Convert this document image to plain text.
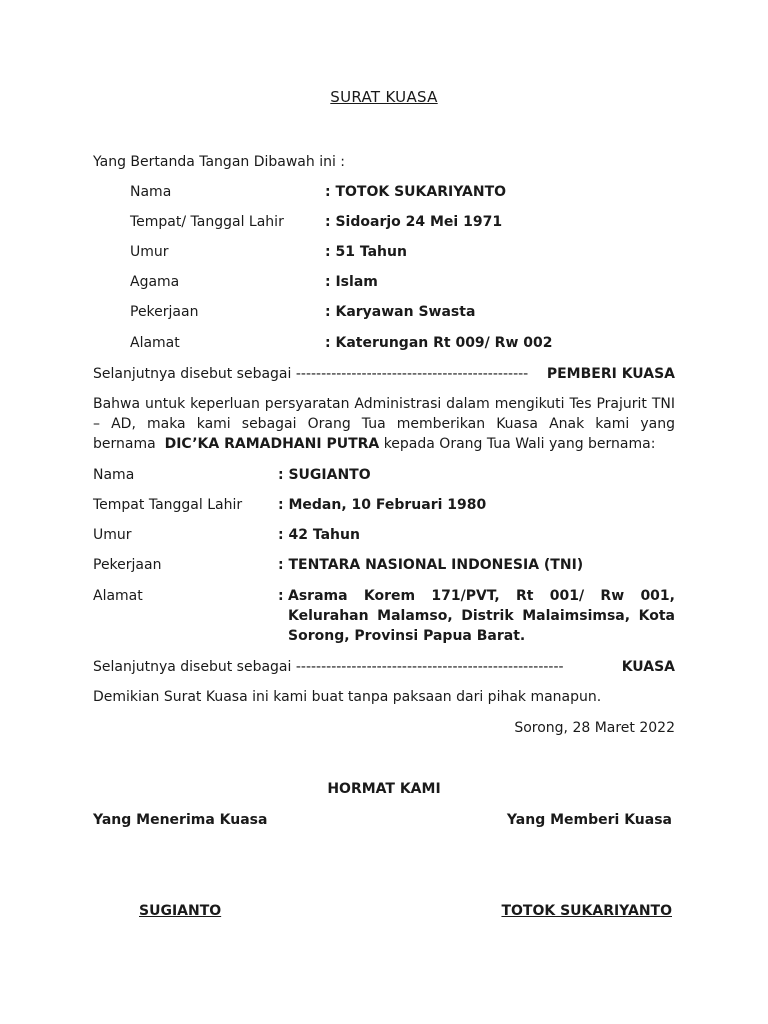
SURAT KUASA
Yang Bertanda Tangan Dibawah ini :
Nama	: TOTOK SUKARIYANTO
Tempat/ Tanggal Lahir	: Sidoarjo 24 Mei 1971
Umur	: 51 Tahun
Agama	: Islam
Pekerjaan	: Karyawan Swasta
Alamat	: Katerungan Rt 009/ Rw 002
Selanjutnya disebut sebagai ---------------------------------------------- PEMBERI KUASA
Bahwa untuk keperluan persyaratan Administrasi dalam mengikuti Tes Prajurit TNI – AD, maka kami sebagai Orang Tua memberikan Kuasa Anak kami yang bernama DIC’KA RAMADHANI PUTRA kepada Orang Tua Wali yang bernama:
Nama	: SUGIANTO
Tempat Tanggal Lahir	: Medan, 10 Februari 1980
Umur	: 42 Tahun
Pekerjaan	: TENTARA NASIONAL INDONESIA (TNI)
Alamat	: Asrama Korem 171/PVT, Rt 001/ Rw 001, Kelurahan Malamso, Distrik Malaimsimsa, Kota Sorong, Provinsi Papua Barat.
Selanjutnya disebut sebagai -----------------------------------------------------	KUASA
Demikian Surat Kuasa ini kami buat tanpa paksaan dari pihak manapun.
Sorong, 28 Maret 2022
HORMAT KAMI
Yang Menerima Kuasa	Yang Memberi Kuasa
SUGIANTO	TOTOK SUKARIYANTO
